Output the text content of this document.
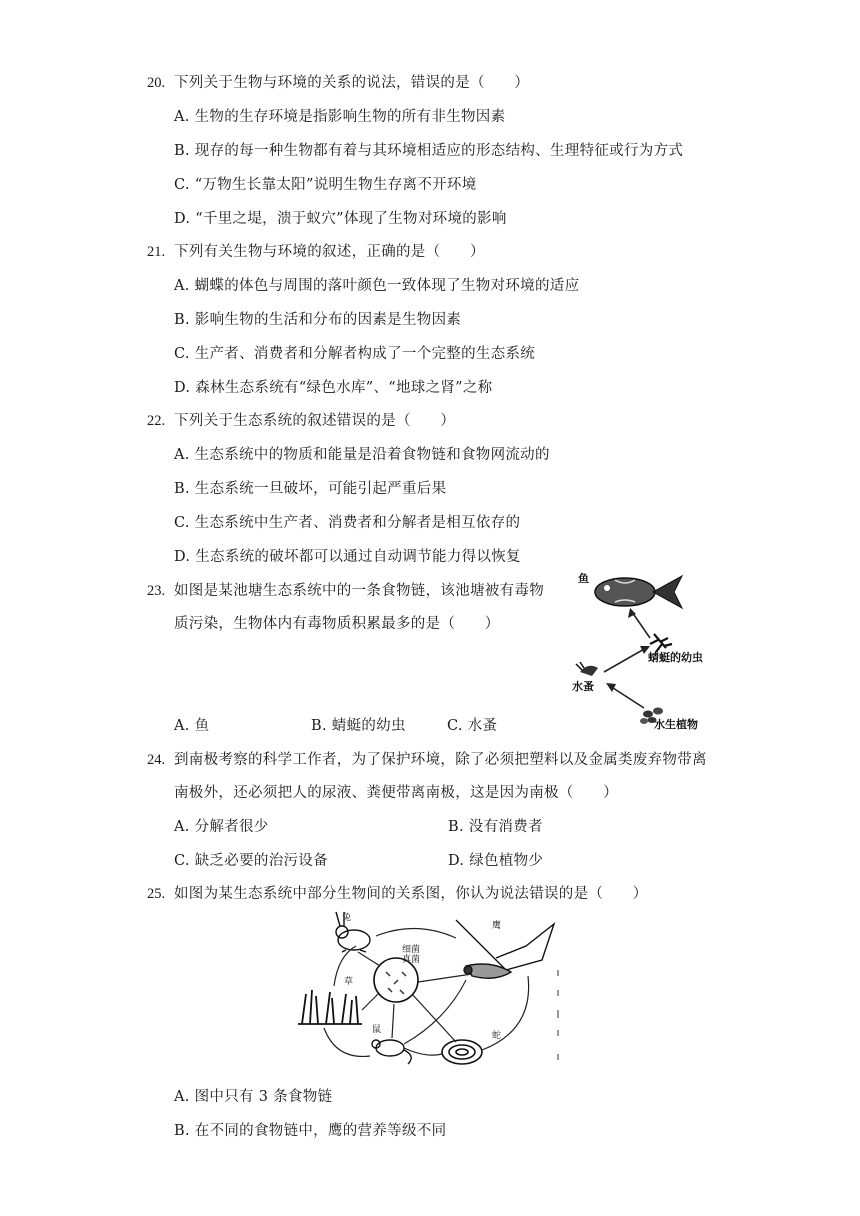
20. 下列关于生物与环境的关系的说法，错误的是（　　）
A. 生物的生存环境是指影响生物的所有非生物因素
B. 现存的每一种生物都有着与其环境相适应的形态结构、生理特征或行为方式
C. “万物生长靠太阳”说明生物生存离不开环境
D. “千里之堤，溃于蚁穴”体现了生物对环境的影响
21. 下列有关生物与环境的叙述，正确的是（　　）
A. 蝴蝶的体色与周围的落叶颜色一致体现了生物对环境的适应
B. 影响生物的生活和分布的因素是生物因素
C. 生产者、消费者和分解者构成了一个完整的生态系统
D. 森林生态系统有“绿色水库”、“地球之肾”之称
22. 下列关于生态系统的叙述错误的是（　　）
A. 生态系统中的物质和能量是沿着食物链和食物网流动的
B. 生态系统一旦破坏，可能引起严重后果
C. 生态系统中生产者、消费者和分解者是相互依存的
D. 生态系统的破坏都可以通过自动调节能力得以恢复
23. 如图是某池塘生态系统中的一条食物链，该池塘被有毒物
质污染，生物体内有毒物质积累最多的是（　　）
A. 鱼	B. 蜻蜓的幼虫	C. 水蚤
鱼
蜻蜓的幼虫
水蚤
水生植物
24. 到南极考察的科学工作者，为了保护环境，除了必须把塑料以及金属类废弃物带离
南极外，还必须把人的尿液、粪便带离南极，这是因为南极（　　）
A. 分解者很少	B. 没有消费者
C. 缺乏必要的治污设备	D. 绿色植物少
25. 如图为某生态系统中部分生物间的关系图，你认为说法错误的是（　　）
兔
鹰
草
细菌
真菌
鼠
蛇
A. 图中只有 3 条食物链
B. 在不同的食物链中，鹰的营养等级不同
